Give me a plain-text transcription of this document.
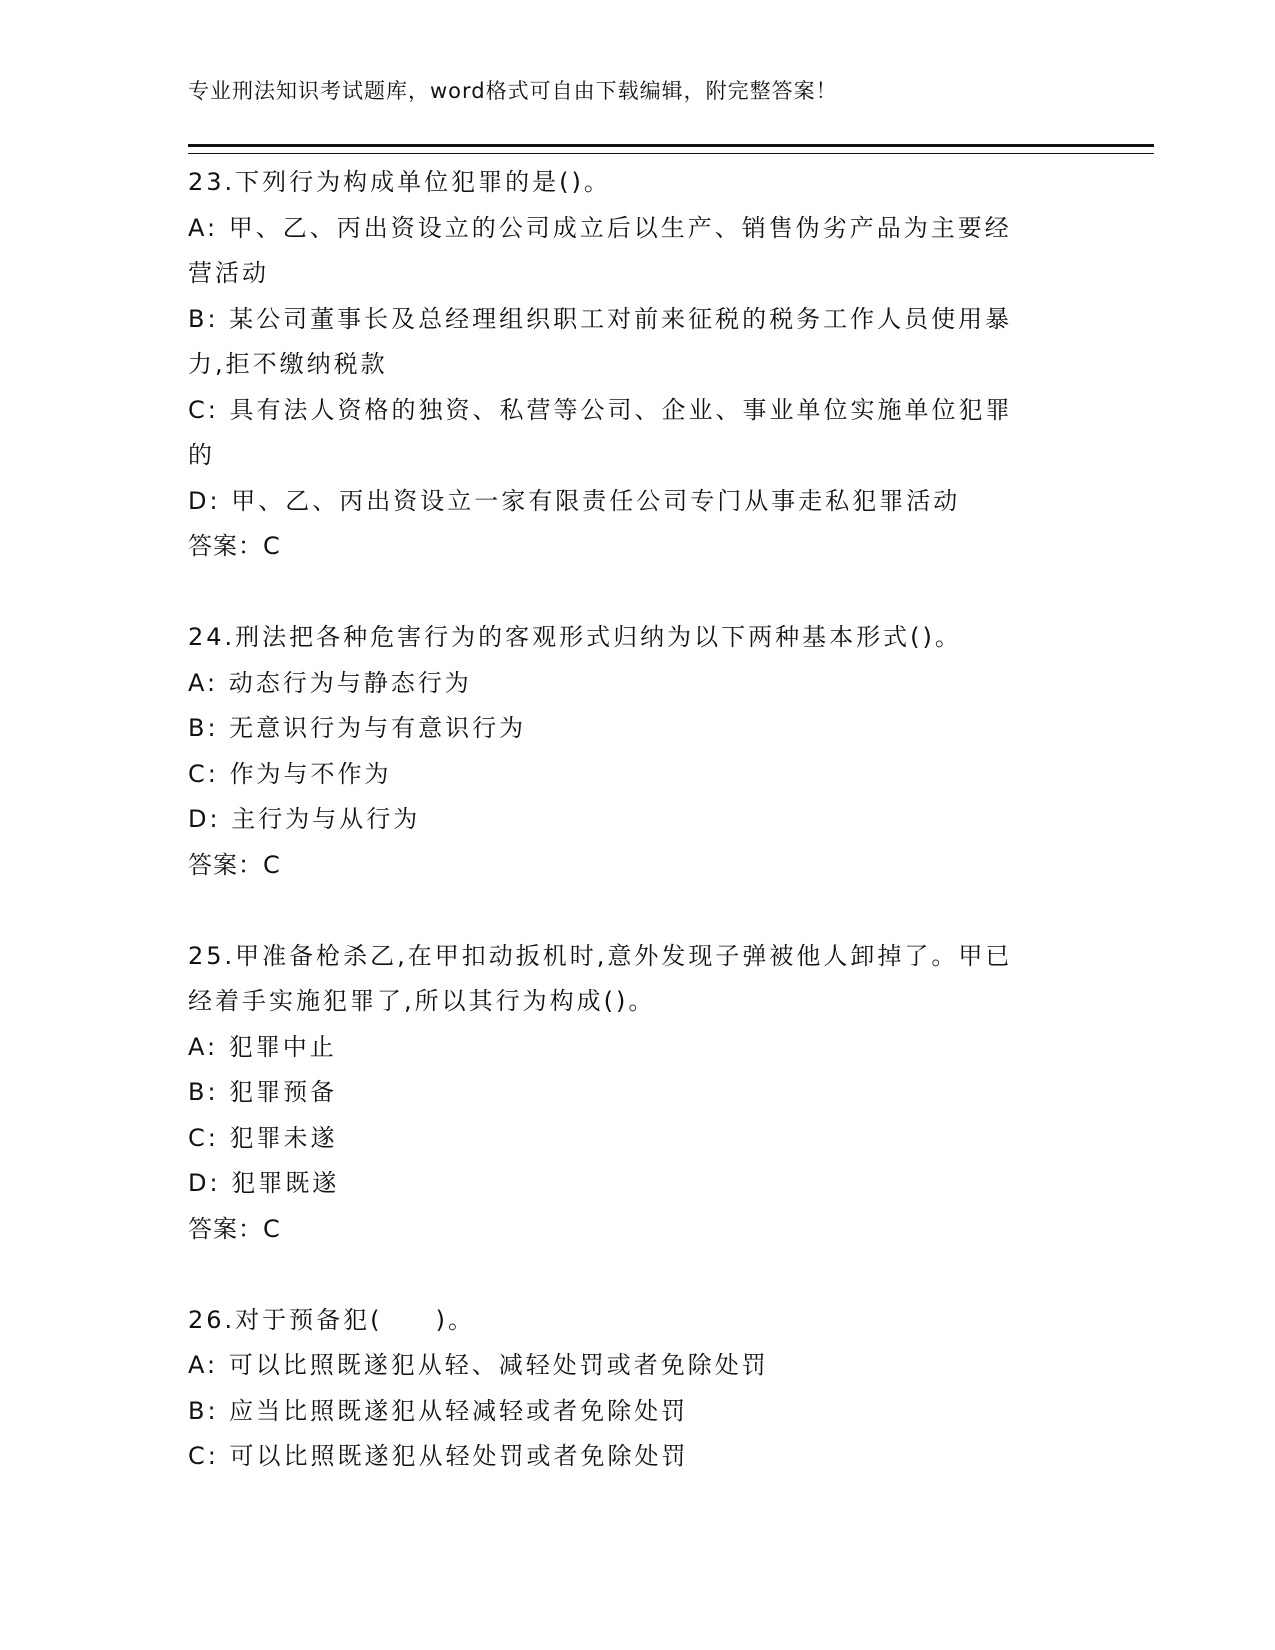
专业刑法知识考试题库，word格式可自由下载编辑，附完整答案！
23.下列行为构成单位犯罪的是()。
A: 甲、乙、丙出资设立的公司成立后以生产、销售伪劣产品为主要经
营活动
B: 某公司董事长及总经理组织职工对前来征税的税务工作人员使用暴
力,拒不缴纳税款
C: 具有法人资格的独资、私营等公司、企业、事业单位实施单位犯罪
的
D: 甲、乙、丙出资设立一家有限责任公司专门从事走私犯罪活动
答案：C
24.刑法把各种危害行为的客观形式归纳为以下两种基本形式()。
A: 动态行为与静态行为
B: 无意识行为与有意识行为
C: 作为与不作为
D: 主行为与从行为
答案：C
25.甲准备枪杀乙,在甲扣动扳机时,意外发现子弹被他人卸掉了。甲已
经着手实施犯罪了,所以其行为构成()。
A: 犯罪中止
B: 犯罪预备
C: 犯罪未遂
D: 犯罪既遂
答案：C
26.对于预备犯(     )。
A: 可以比照既遂犯从轻、减轻处罚或者免除处罚
B: 应当比照既遂犯从轻减轻或者免除处罚
C: 可以比照既遂犯从轻处罚或者免除处罚
